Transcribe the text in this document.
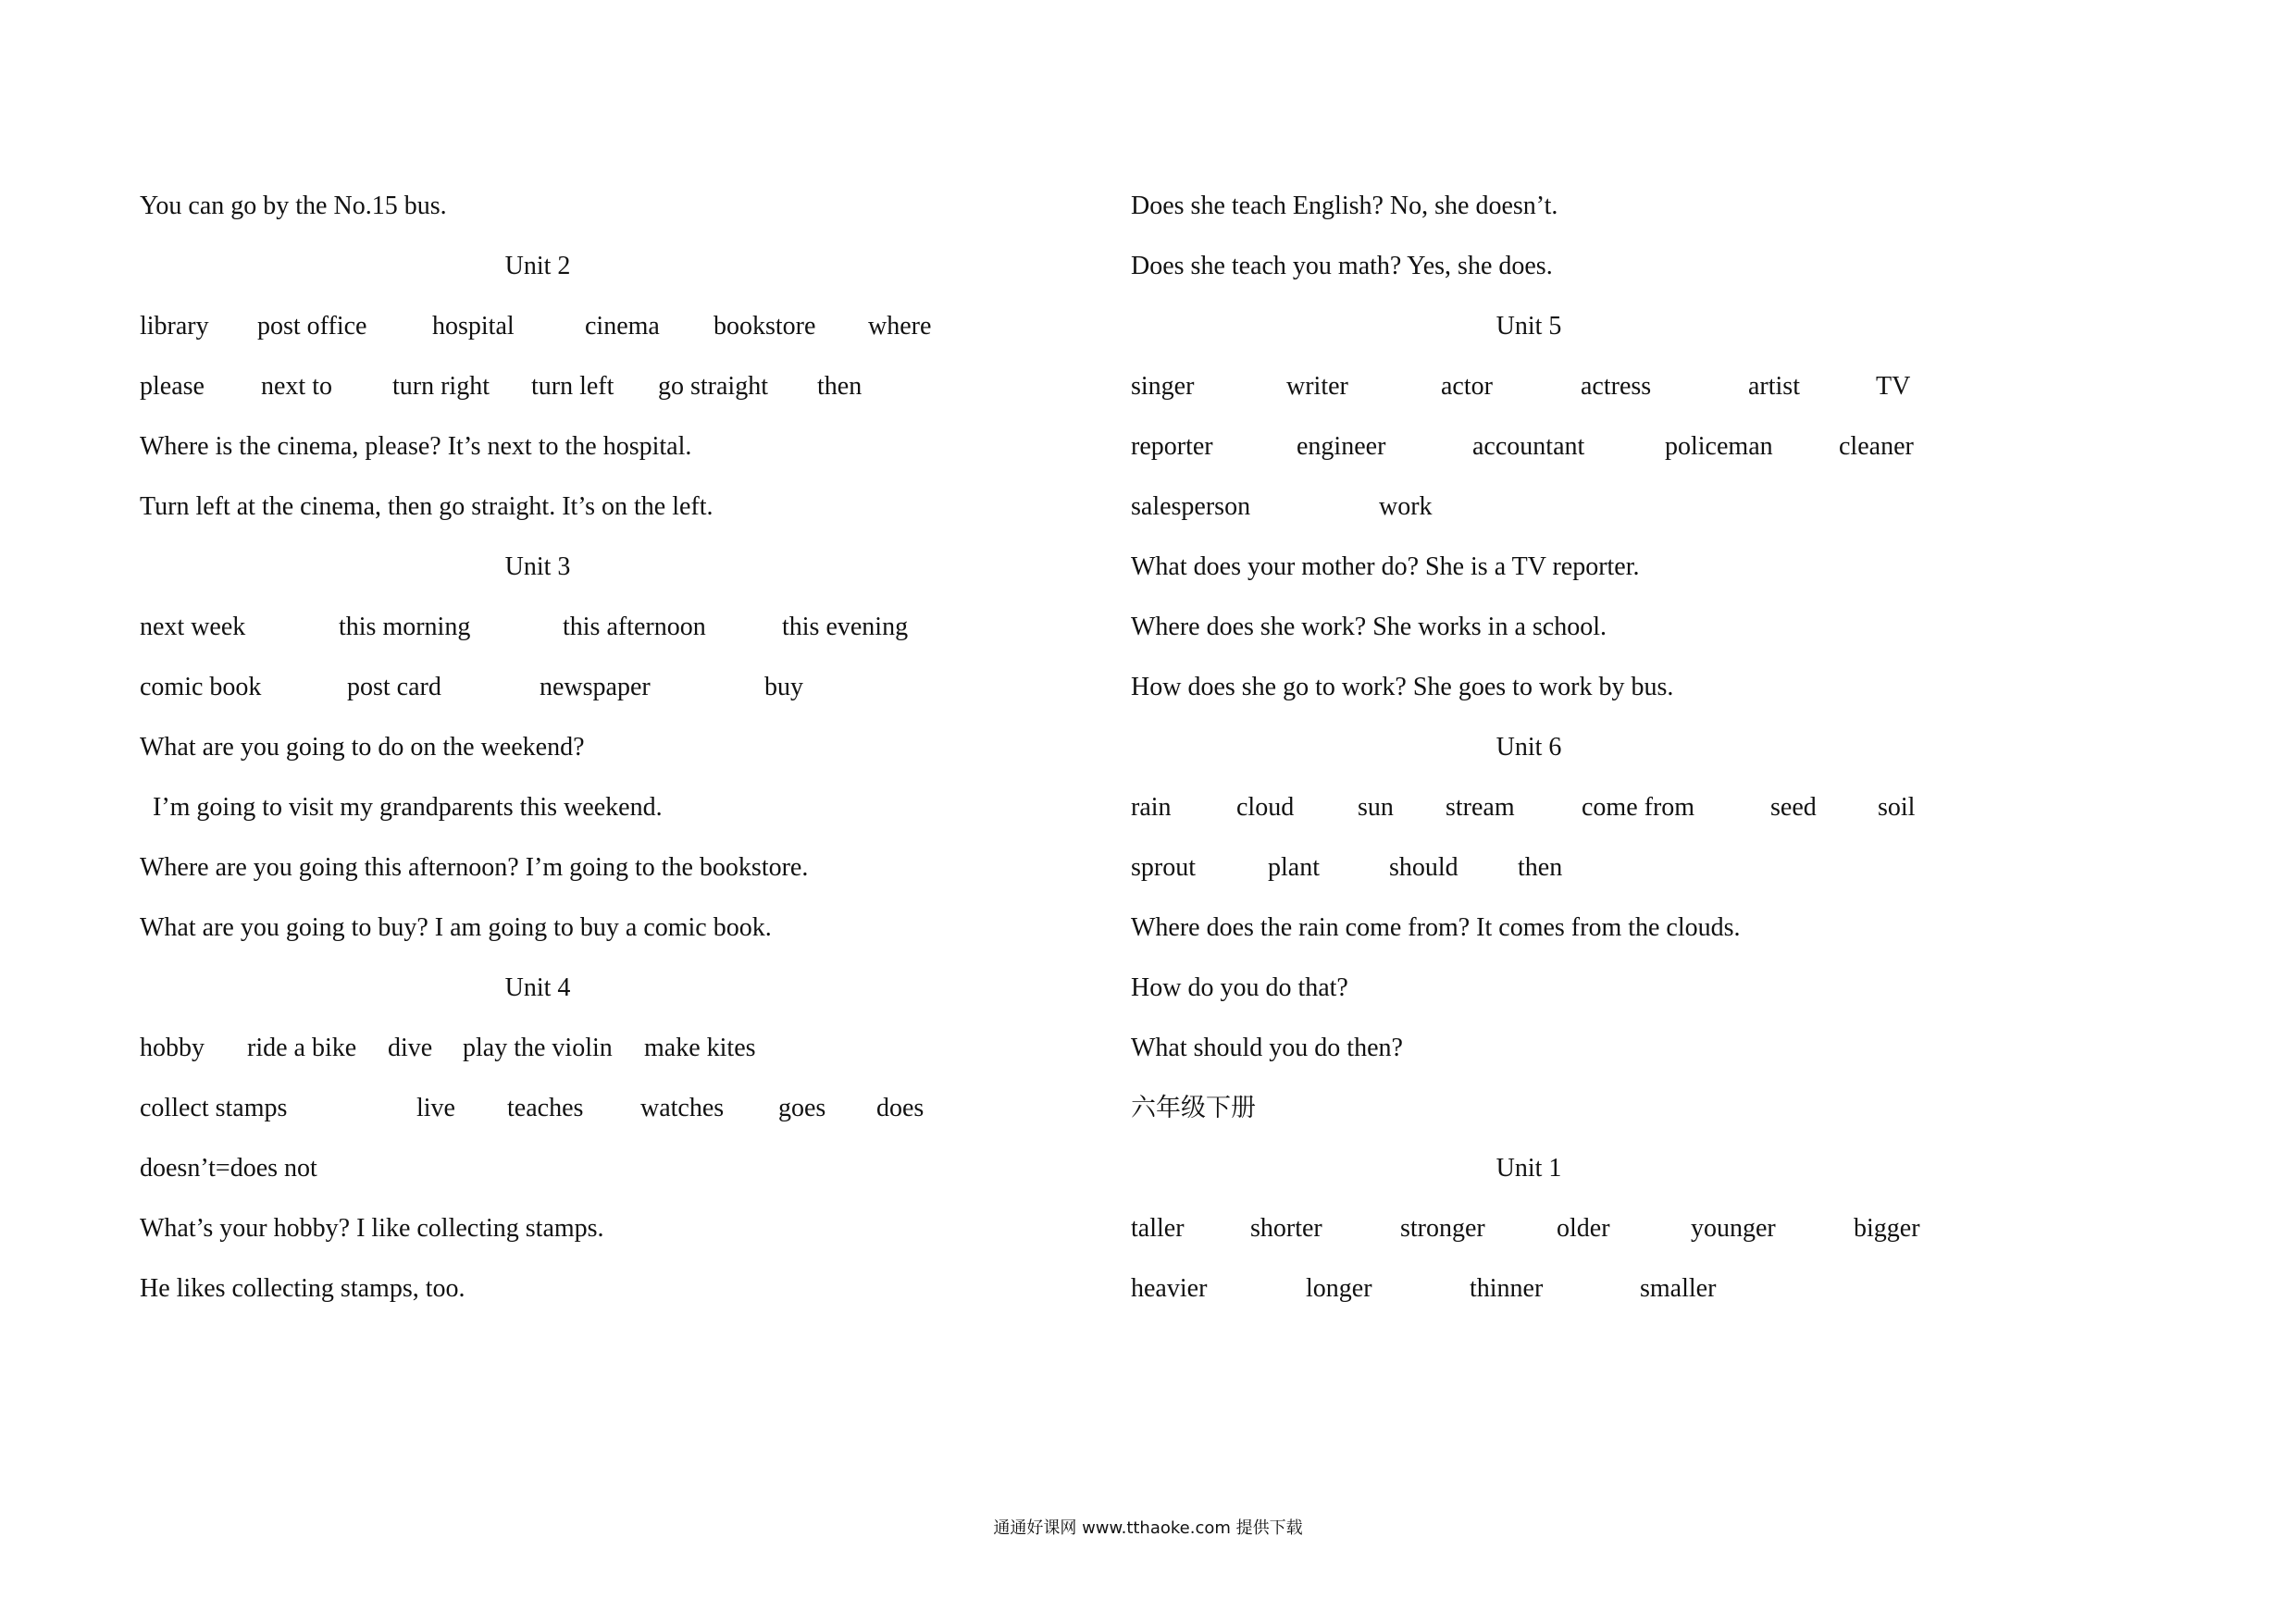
You can go by the No.15 bus.
Unit 2
library post office	hospital	cinema bookstore where
please next to turn right turn left go straight then
Where is the cinema, please? It’s next to the hospital.
Turn left at the cinema, then go straight. It’s on the left.
Unit 3
next week	this morning	this afternoon	this evening
comic book	post card	newspaper	buy
What are you going to do on the weekend?
I’m going to visit my grandparents this weekend.
Where are you going this afternoon? I’m going to the bookstore.
What are you going to buy? I am going to buy a comic book.
Unit 4
hobby ride a bike dive play the violin make kites
collect stamps	live teaches watches goes does
doesn’t=does not
What’s your hobby? I like collecting stamps.
He likes collecting stamps, too.
Does she teach English? No, she doesn’t.
Does she teach you math? Yes, she does.
Unit 5
singer	writer	actor	actress	artist	TV
reporter	engineer	accountant	policeman	cleaner
salesperson	work
What does your mother do? She is a TV reporter.
Where does she work? She works in a school.
How does she go to work? She goes to work by bus.
Unit 6
rain	cloud sun stream	come from	seed soil
sprout	plant	should then
Where does the rain come from? It comes from the clouds.
How do you do that?
What should you do then?
六年级下册
Unit 1
taller	shorter	stronger	older	younger	bigger
heavier	longer	thinner	smaller
通通好课网 www.tthaoke.com 提供下载
